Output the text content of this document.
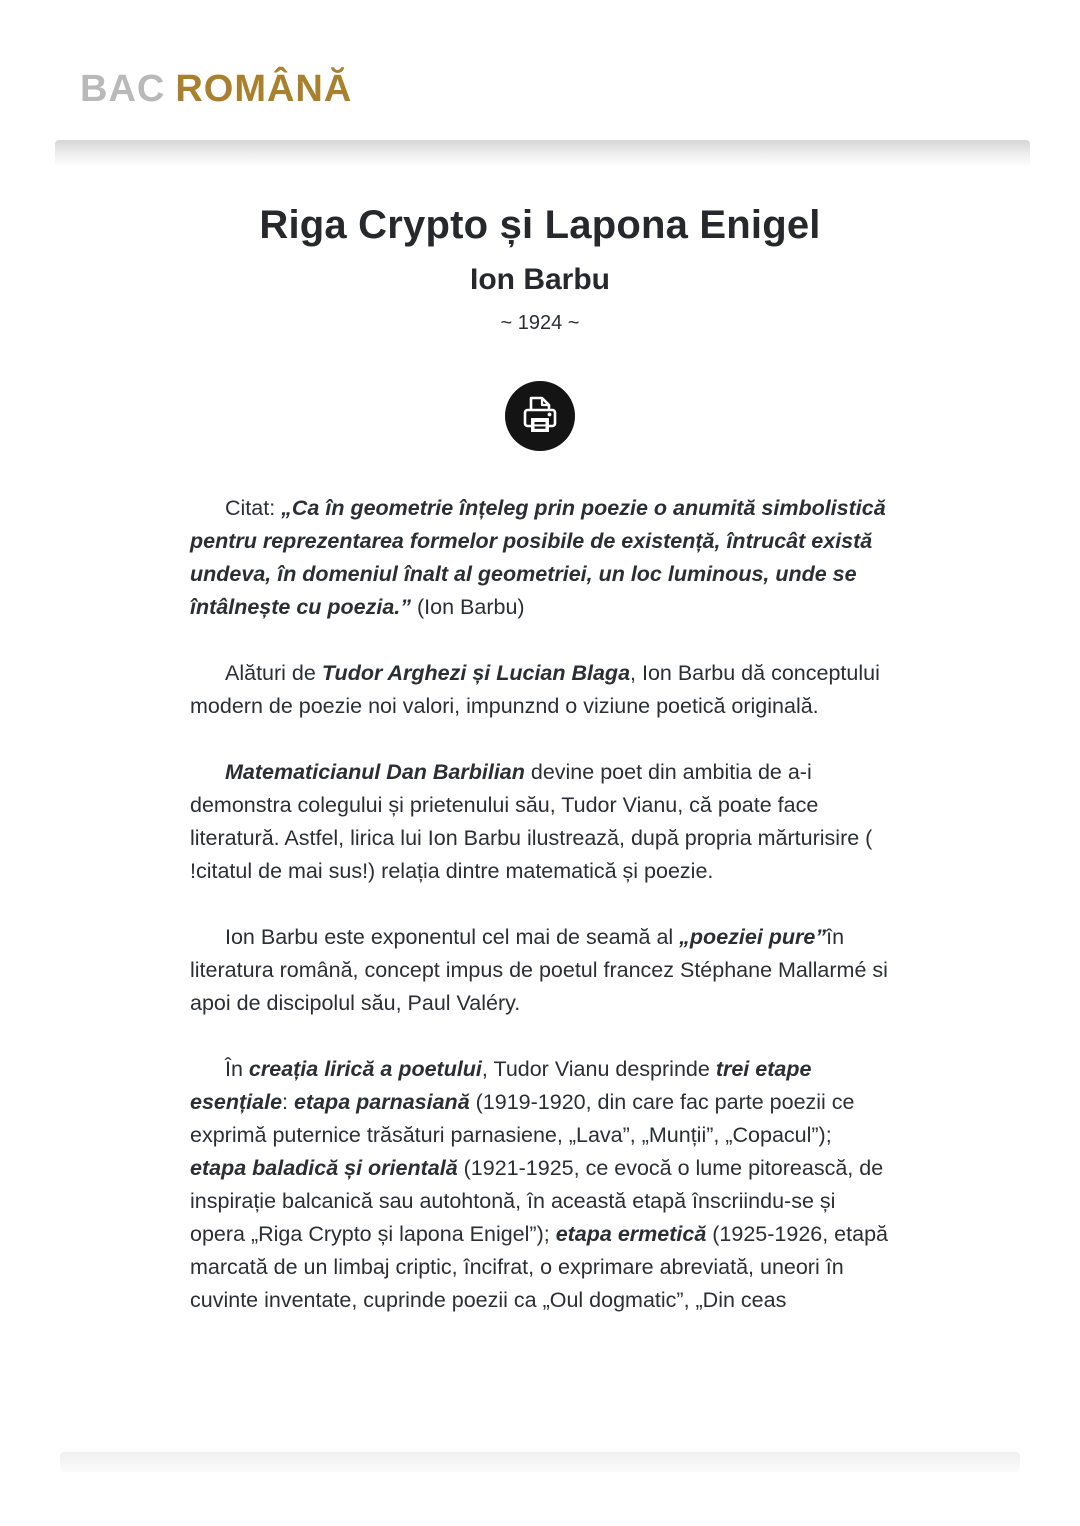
BAC ROMÂNĂ
Riga Crypto și Lapona Enigel
Ion Barbu
~ 1924 ~

Citat: „Ca în geometrie înțeleg prin poezie o anumită simbolistică pentru reprezentarea formelor posibile de existență, întrucât există undeva, în domeniul înalt al geometriei, un loc luminous, unde se întâlnește cu poezia.” (Ion Barbu)

Alături de Tudor Arghezi și Lucian Blaga, Ion Barbu dă conceptului modern de poezie noi valori, impunznd o viziune poetică originală.

Matematicianul Dan Barbilian devine poet din ambitia de a-i demonstra colegului și prietenului său, Tudor Vianu, că poate face literatură. Astfel, lirica lui Ion Barbu ilustrează, după propria mărturisire ( !citatul de mai sus!) relația dintre matematică și poezie.

Ion Barbu este exponentul cel mai de seamă al „poeziei pure”în literatura română, concept impus de poetul francez Stéphane Mallarmé si apoi de discipolul său, Paul Valéry.

În creația lirică a poetului, Tudor Vianu desprinde trei etape esențiale: etapa parnasiană (1919-1920, din care fac parte poezii ce exprimă puternice trăsături parnasiene, „Lava”, „Munții”, „Copacul”); etapa baladică și orientală (1921-1925, ce evocă o lume pitorească, de inspirație balcanică sau autohtonă, în această etapă înscriindu-se și opera „Riga Crypto și lapona Enigel”); etapa ermetică (1925-1926, etapă marcată de un limbaj criptic, încifrat, o exprimare abreviată, uneori în cuvinte inventate, cuprinde poezii ca „Oul dogmatic”, „Din ceas
